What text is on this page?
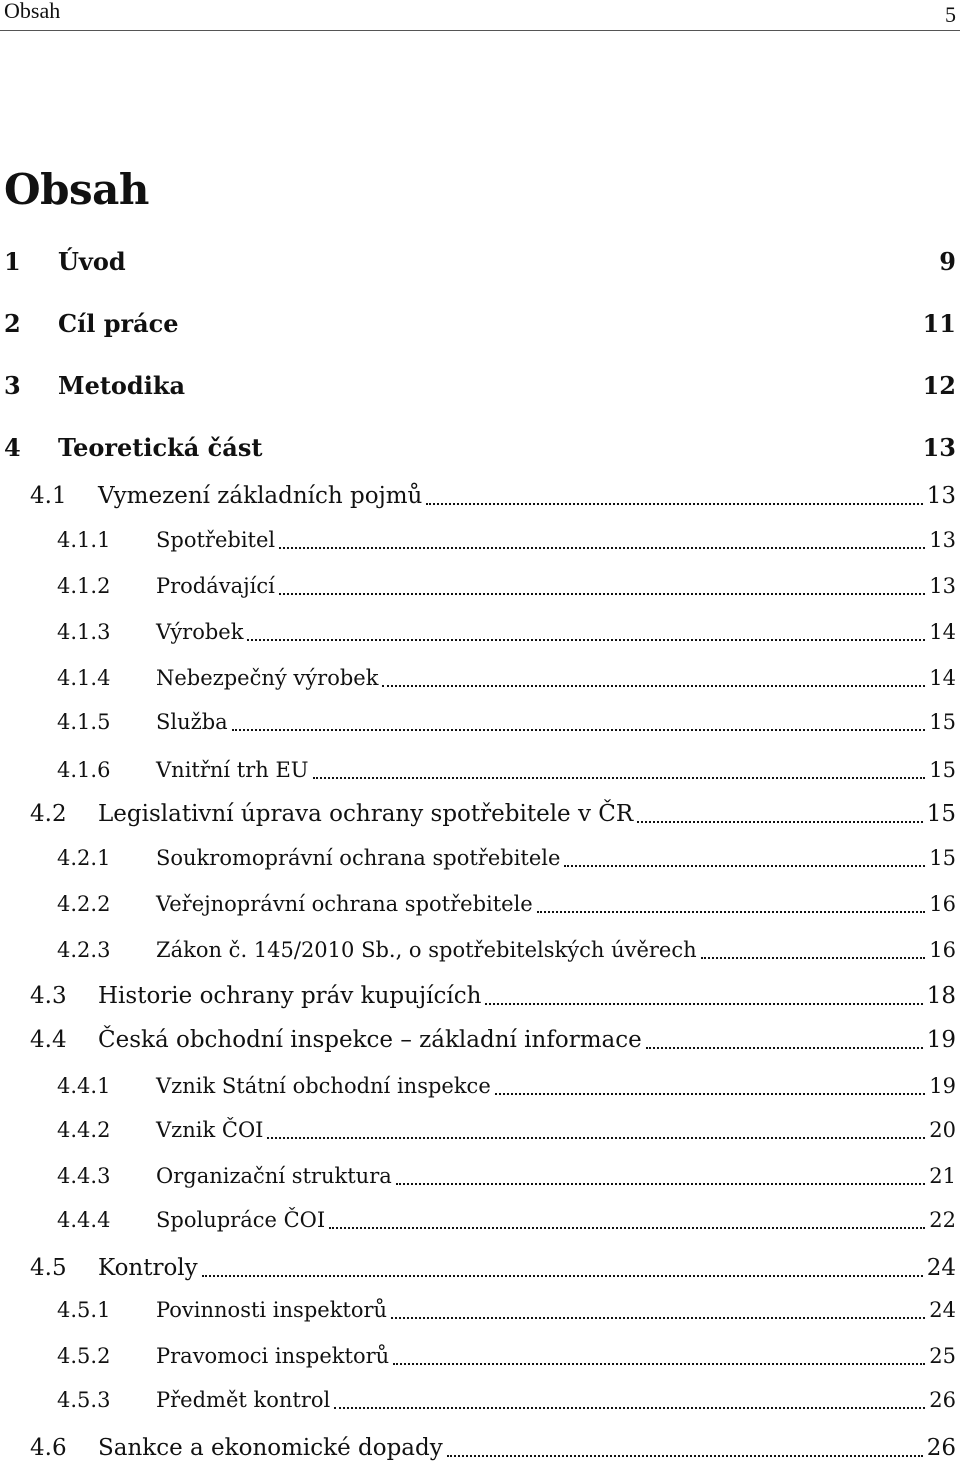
Obsah	5
Obsah
1 Úvod	9
2 Cíl práce	11
3 Metodika	12
4 Teoretická část	13
4.1 Vymezení základních pojmů	13
4.1.1 Spotřebitel	13
4.1.2 Prodávající	13
4.1.3 Výrobek	14
4.1.4 Nebezpečný výrobek	14
4.1.5 Služba	15
4.1.6 Vnitřní trh EU	15
4.2 Legislativní úprava ochrany spotřebitele v ČR	15
4.2.1 Soukromoprávní ochrana spotřebitele	15
4.2.2 Veřejnoprávní ochrana spotřebitele	16
4.2.3 Zákon č. 145/2010 Sb., o spotřebitelských úvěrech	16
4.3 Historie ochrany práv kupujících	18
4.4 Česká obchodní inspekce – základní informace	19
4.4.1 Vznik Státní obchodní inspekce	19
4.4.2 Vznik ČOI	20
4.4.3 Organizační struktura	21
4.4.4 Spolupráce ČOI	22
4.5 Kontroly	24
4.5.1 Povinnosti inspektorů	24
4.5.2 Pravomoci inspektorů	25
4.5.3 Předmět kontrol	26
4.6 Sankce a ekonomické dopady	26
